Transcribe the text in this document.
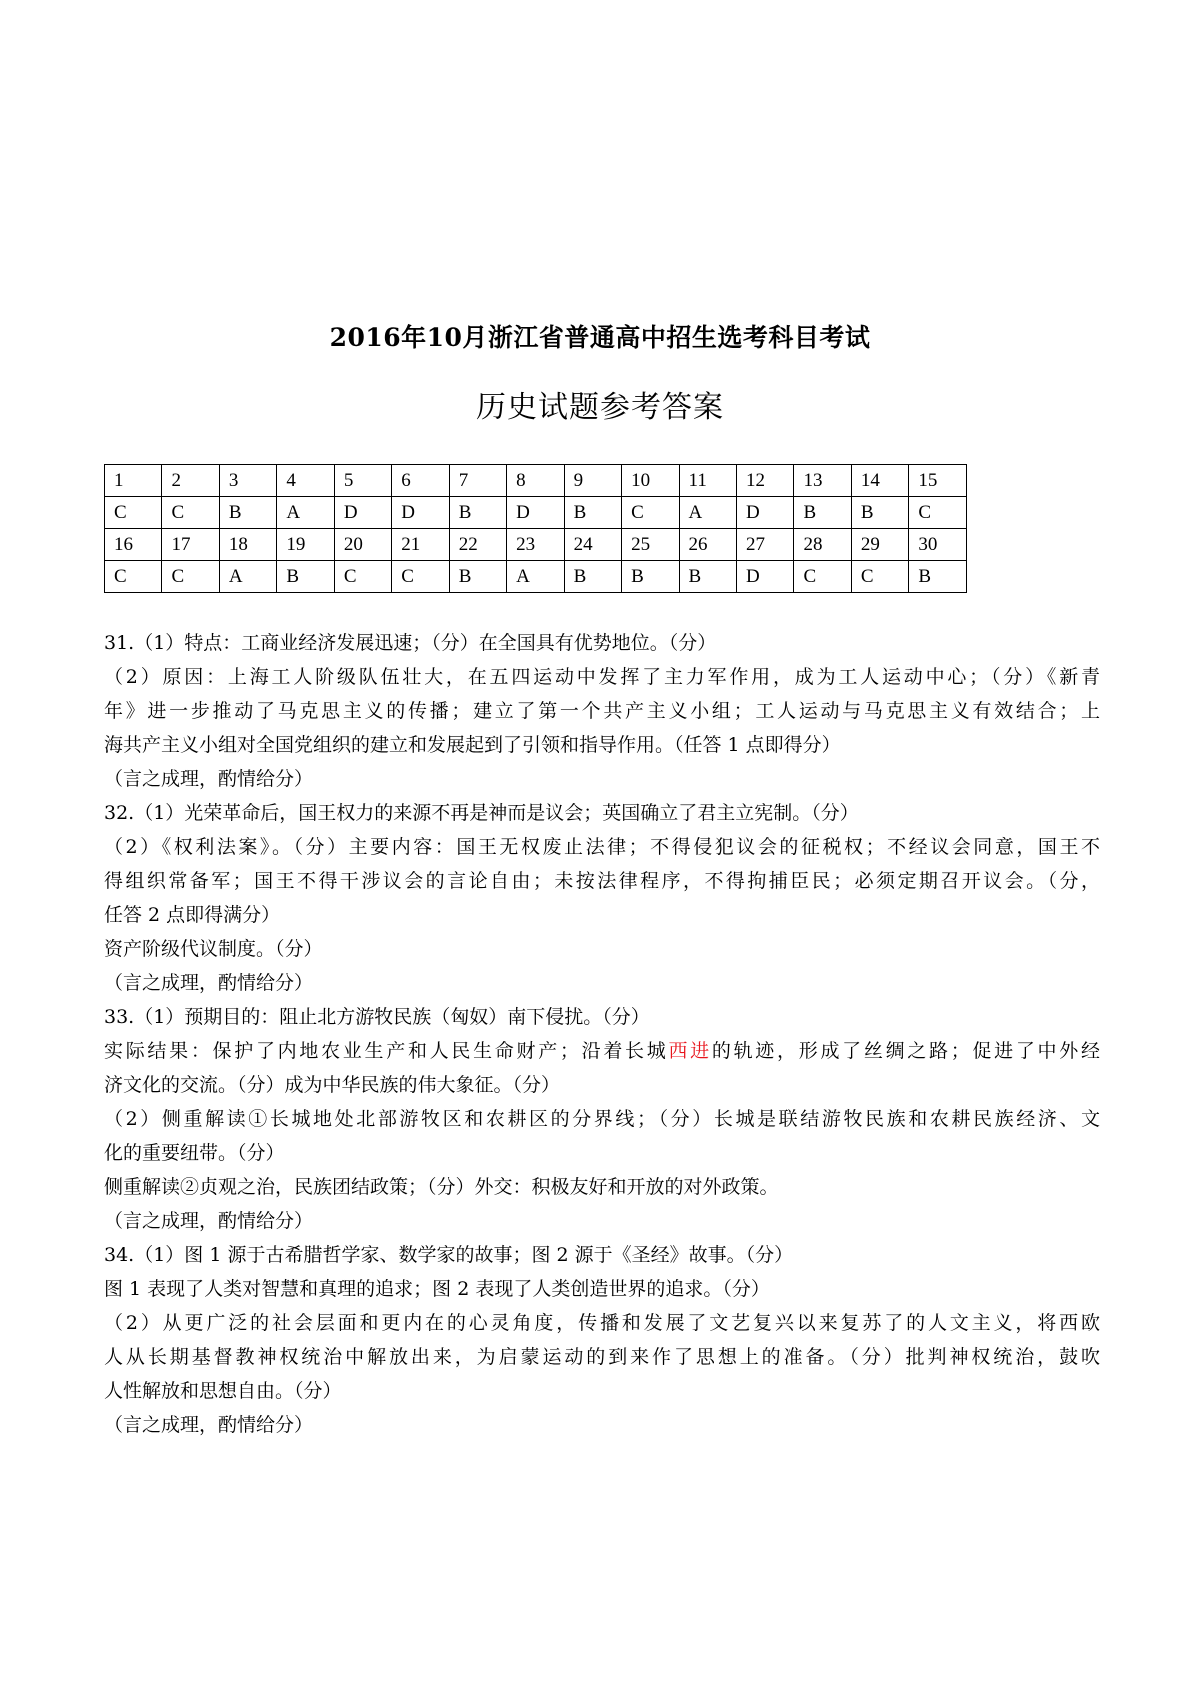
2016年10月浙江省普通高中招生选考科目考试
历史试题参考答案
1	2	3	4	5	6	7	8	9	10	11	12	13	14	15
C	C	B	A	D	D	B	D	B	C	A	D	B	B	C
16	17	18	19	20	21	22	23	24	25	26	27	28	29	30
C	C	A	B	C	C	B	A	B	B	B	D	C	C	B
31.（1）特点：工商业经济发展迅速；（分）在全国具有优势地位。（分）
（2）原因：上海工人阶级队伍壮大，在五四运动中发挥了主力军作用，成为工人运动中心；（分）《新青
年》进一步推动了马克思主义的传播；建立了第一个共产主义小组；工人运动与马克思主义有效结合；上
海共产主义小组对全国党组织的建立和发展起到了引领和指导作用。（任答 1 点即得分）
（言之成理，酌情给分）
32.（1）光荣革命后，国王权力的来源不再是神而是议会；英国确立了君主立宪制。（分）
（2）《权利法案》。（分）主要内容：国王无权废止法律；不得侵犯议会的征税权；不经议会同意，国王不
得组织常备军；国王不得干涉议会的言论自由；未按法律程序，不得拘捕臣民；必须定期召开议会。（分，
任答 2 点即得满分）
资产阶级代议制度。（分）
（言之成理，酌情给分）
33.（1）预期目的：阻止北方游牧民族（匈奴）南下侵扰。（分）
实际结果：保护了内地农业生产和人民生命财产；沿着长城西进的轨迹，形成了丝绸之路；促进了中外经
济文化的交流。（分）成为中华民族的伟大象征。（分）
（2）侧重解读①长城地处北部游牧区和农耕区的分界线；（分）长城是联结游牧民族和农耕民族经济、文
化的重要纽带。（分）
侧重解读②贞观之治，民族团结政策；（分）外交：积极友好和开放的对外政策。
（言之成理，酌情给分）
34.（1）图 1 源于古希腊哲学家、数学家的故事；图 2 源于《圣经》故事。（分）
图 1 表现了人类对智慧和真理的追求；图 2 表现了人类创造世界的追求。（分）
（2）从更广泛的社会层面和更内在的心灵角度，传播和发展了文艺复兴以来复苏了的人文主义，将西欧
人从长期基督教神权统治中解放出来，为启蒙运动的到来作了思想上的准备。（分）批判神权统治，鼓吹
人性解放和思想自由。（分）
（言之成理，酌情给分）
